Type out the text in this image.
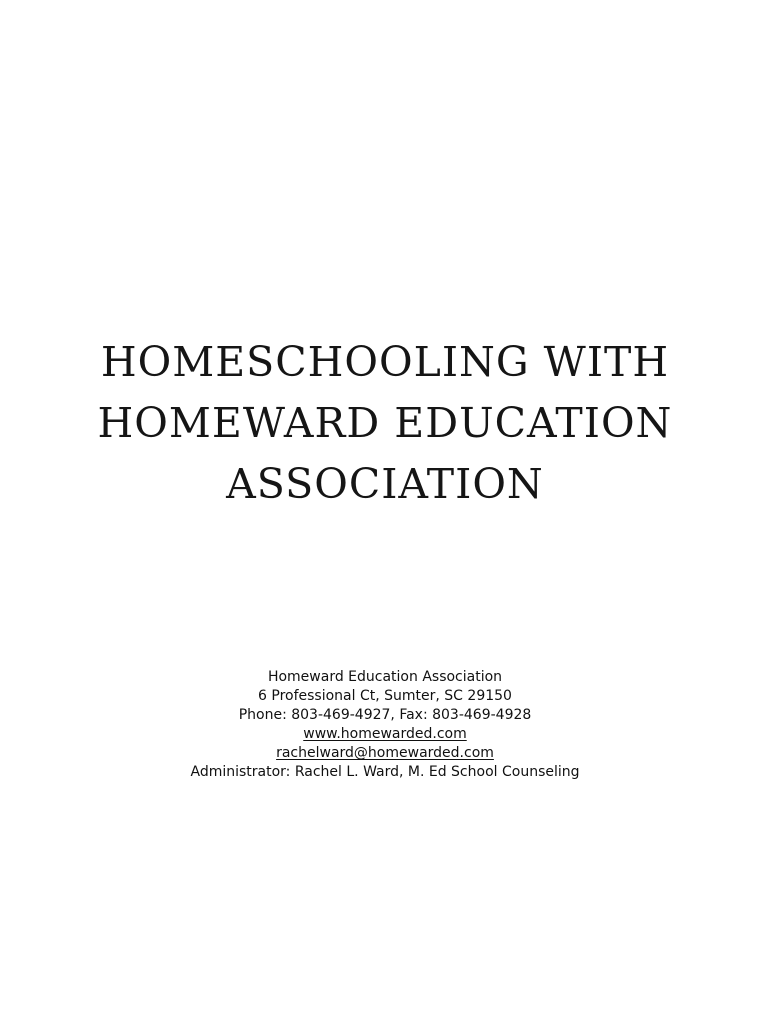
HOMESCHOOLING WITH
HOMEWARD EDUCATION
ASSOCIATION
Homeward Education Association
6 Professional Ct, Sumter, SC 29150
Phone: 803-469-4927, Fax: 803-469-4928
www.homewarded.com
rachelward@homewarded.com
Administrator: Rachel L. Ward, M. Ed School Counseling
